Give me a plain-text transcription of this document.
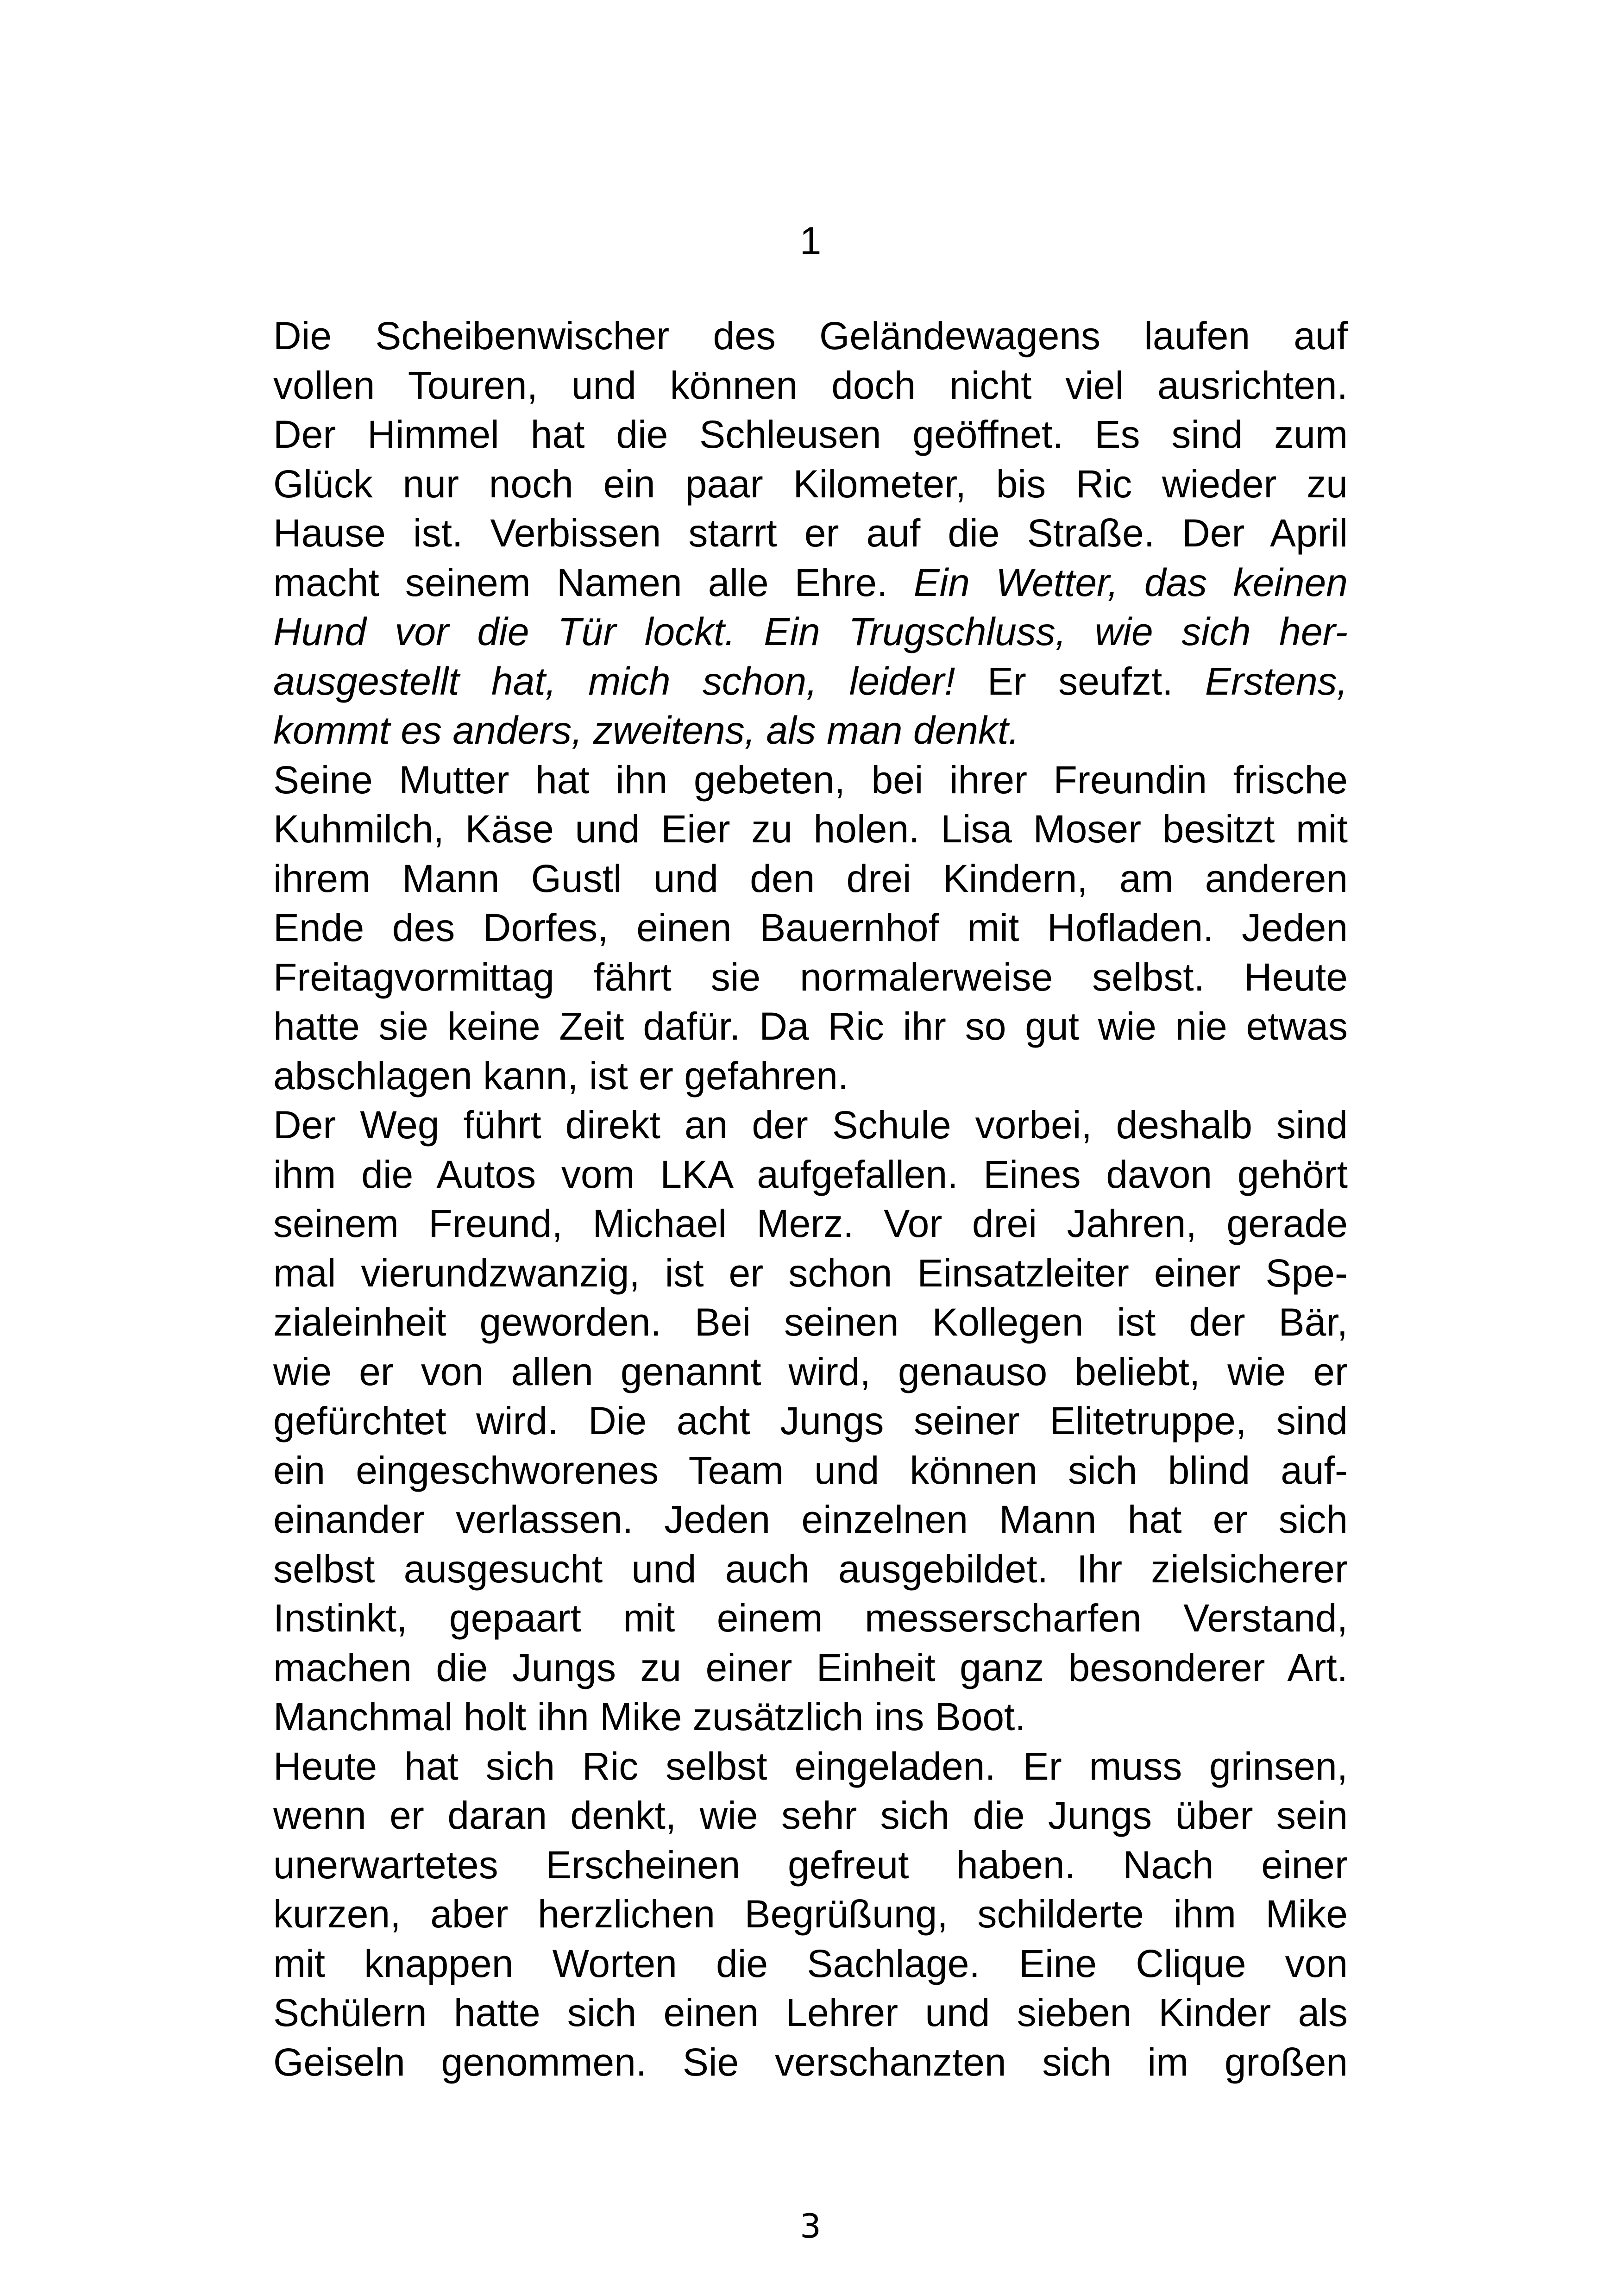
1
Die Scheibenwischer des Geländewagens laufen auf
vollen Touren, und können doch nicht viel ausrichten.
Der Himmel hat die Schleusen geöffnet. Es sind zum
Glück nur noch ein paar Kilometer, bis Ric wieder zu
Hause ist. Verbissen starrt er auf die Straße. Der April
macht seinem Namen alle Ehre. Ein Wetter, das keinen
Hund vor die Tür lockt. Ein Trugschluss, wie sich her-
ausgestellt hat, mich schon, leider! Er seufzt. Erstens,
kommt es anders, zweitens, als man denkt.
Seine Mutter hat ihn gebeten, bei ihrer Freundin frische
Kuhmilch, Käse und Eier zu holen. Lisa Moser besitzt mit
ihrem Mann Gustl und den drei Kindern, am anderen
Ende des Dorfes, einen Bauernhof mit Hofladen. Jeden
Freitagvormittag fährt sie normalerweise selbst. Heute
hatte sie keine Zeit dafür. Da Ric ihr so gut wie nie etwas
abschlagen kann, ist er gefahren.
Der Weg führt direkt an der Schule vorbei, deshalb sind
ihm die Autos vom LKA aufgefallen. Eines davon gehört
seinem Freund, Michael Merz. Vor drei Jahren, gerade
mal vierundzwanzig, ist er schon Einsatzleiter einer Spe-
zialeinheit geworden. Bei seinen Kollegen ist der Bär,
wie er von allen genannt wird, genauso beliebt, wie er
gefürchtet wird. Die acht Jungs seiner Elitetruppe, sind
ein eingeschworenes Team und können sich blind auf-
einander verlassen. Jeden einzelnen Mann hat er sich
selbst ausgesucht und auch ausgebildet. Ihr zielsicherer
Instinkt, gepaart mit einem messerscharfen Verstand,
machen die Jungs zu einer Einheit ganz besonderer Art.
Manchmal holt ihn Mike zusätzlich ins Boot.
Heute hat sich Ric selbst eingeladen. Er muss grinsen,
wenn er daran denkt, wie sehr sich die Jungs über sein
unerwartetes Erscheinen gefreut haben. Nach einer
kurzen, aber herzlichen Begrüßung, schilderte ihm Mike
mit knappen Worten die Sachlage. Eine Clique von
Schülern hatte sich einen Lehrer und sieben Kinder als
Geiseln genommen. Sie verschanzten sich im großen
3
